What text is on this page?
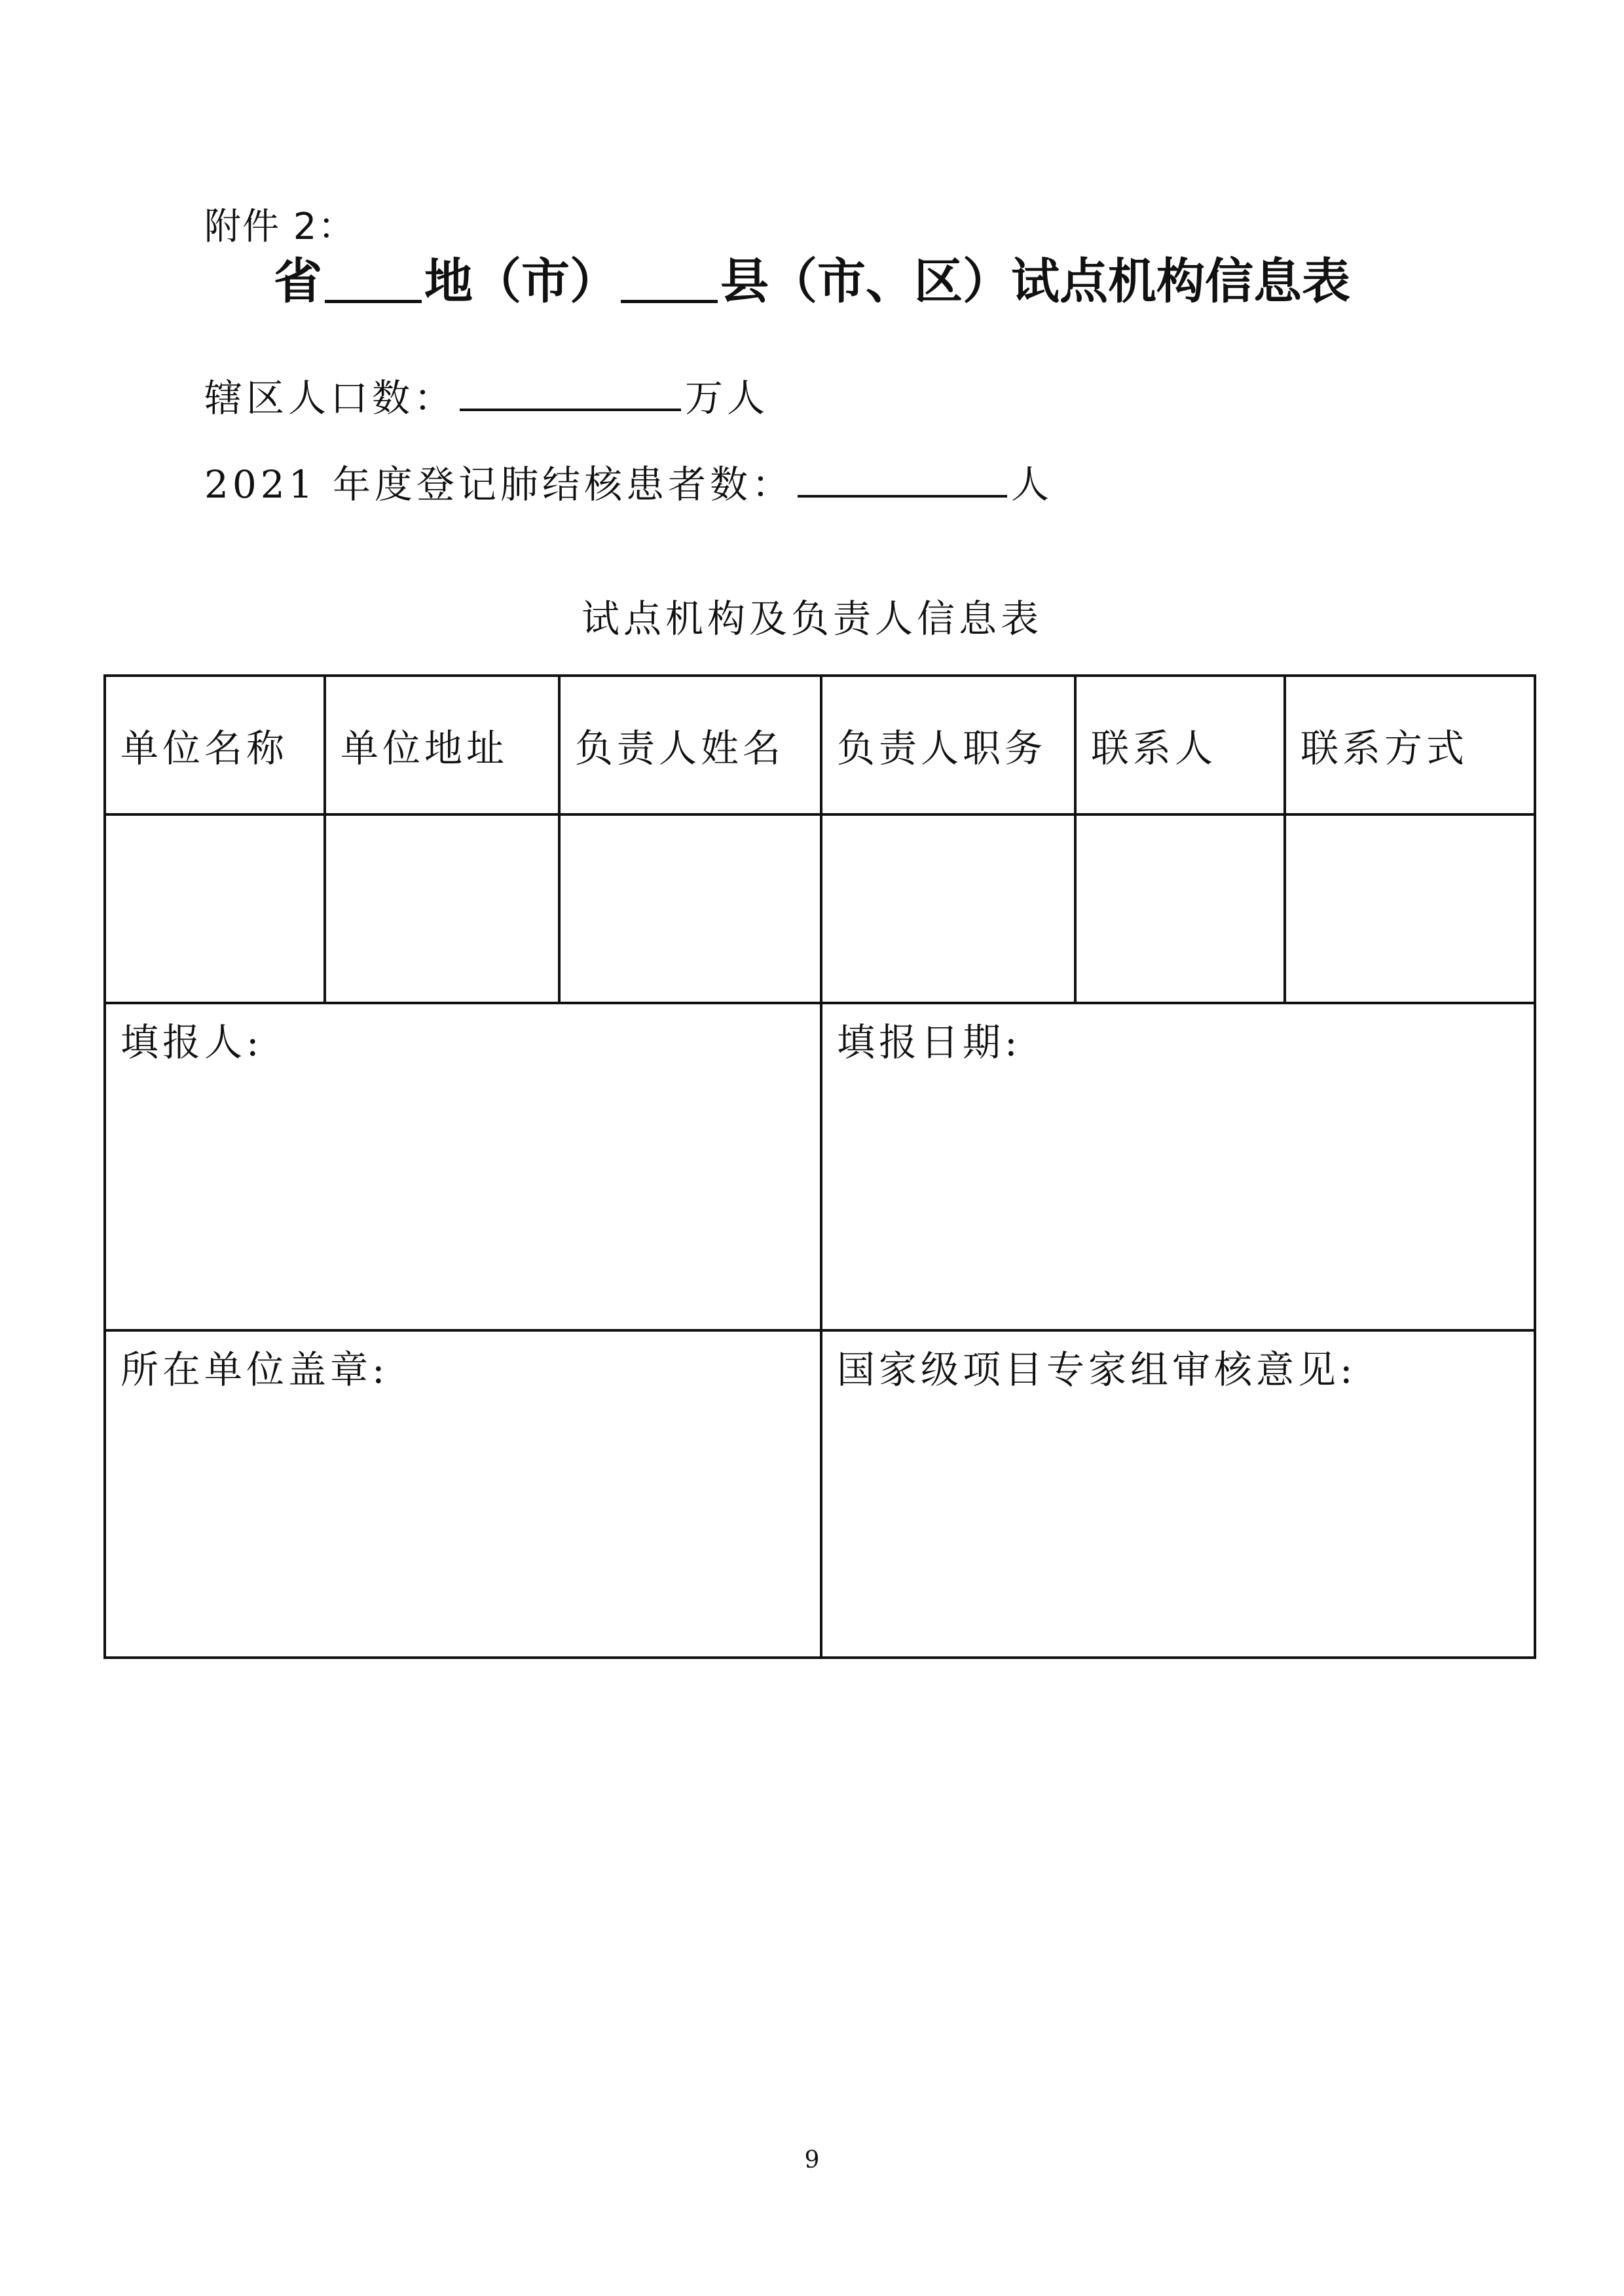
附件 2：
省 地（市） 县（市、区）试点机构信息表
辖区人口数：	万人
2021 年度登记肺结核患者数：	人
试点机构及负责人信息表
单位名称	单位地址	负责人姓名	负责人职务	联系人	联系方式

填报人:			填报日期:		
所在单位盖章:			国家级项目专家组审核意见:		
9
